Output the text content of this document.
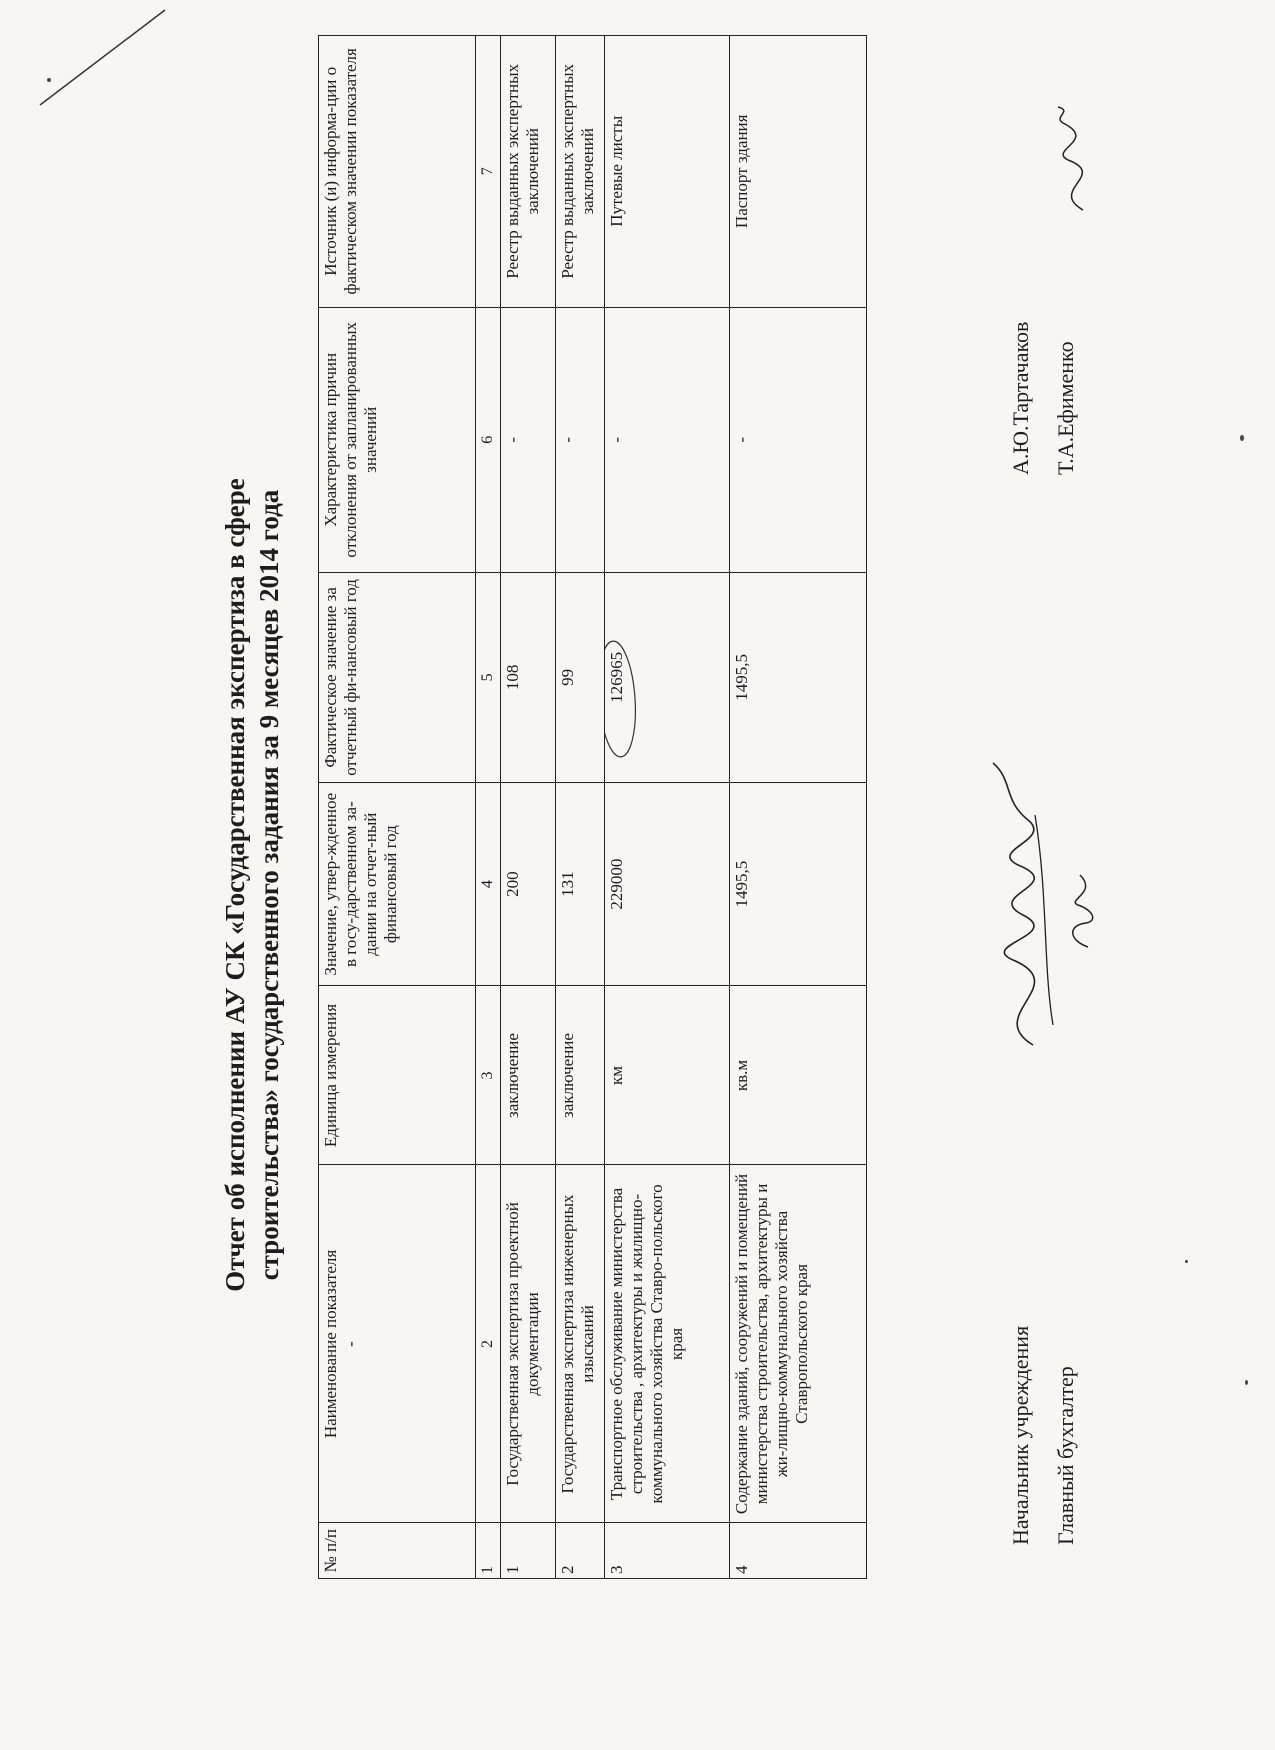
Отчет об исполнении АУ СК «Государственная экспертиза в сфере строительства» государственного задания за 9 месяцев 2014 года
№ п/п	Наименование показателя -	Единица измерения	Значение, утвер-жденное в госу-дарственном за-дании на отчет-ный финансовый год	Фактическое значение за отчетный фи-нансовый год	Характеристика причин отклонения от запланированных значений	Источник (и) информа-ции о фактическом значении показателя
1	2	3	4	5	6	7
1	Государственная экспертиза проектной документации	заключение	200	108	-	Реестр выданных экспертных заключений
2	Государственная экспертиза инженерных изысканий	заключение	131	99	-	Реестр выданных экспертных заключений
3	Транспортное обслуживание министерства строительства , архитектуры и жилищно-коммунального хозяйства Ставро-польского края	км	229000	126965	-	Путевые листы
4	Содержание зданий, сооружений и помещений министерства строительства, архитектуры и жи-лищно-коммунального хозяйства Ставропольского края	кв.м	1495,5	1495,5	-	Паспорт здания
Начальник учреждения Главный бухгалтер
А.Ю.Тартачаков Т.А.Ефименко
